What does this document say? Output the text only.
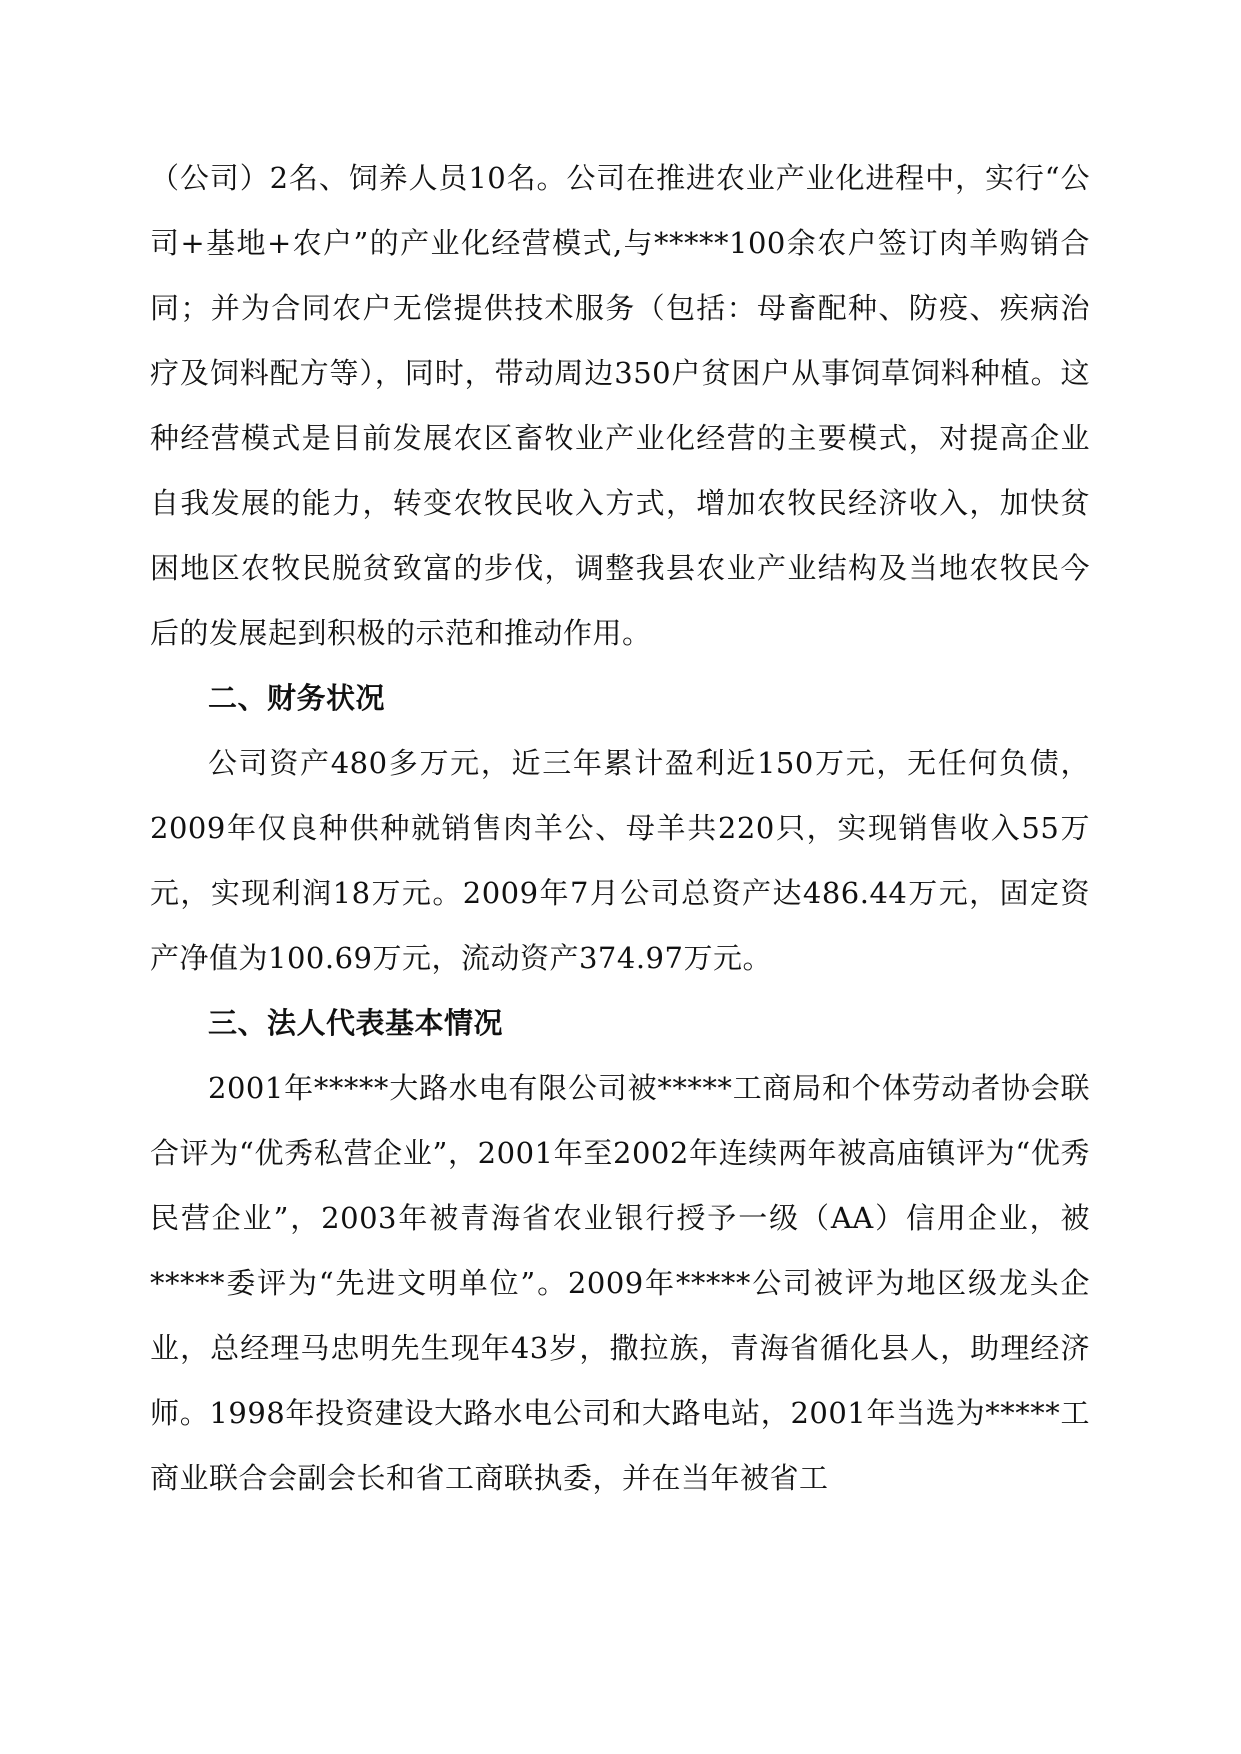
（公司）2名、饲养人员10名。公司在推进农业产业化进程中，实行“公司+基地+农户”的产业化经营模式,与*****100余农户签订肉羊购销合同；并为合同农户无偿提供技术服务（包括：母畜配种、防疫、疾病治疗及饲料配方等），同时，带动周边350户贫困户从事饲草饲料种植。这种经营模式是目前发展农区畜牧业产业化经营的主要模式，对提高企业自我发展的能力，转变农牧民收入方式，增加农牧民经济收入，加快贫困地区农牧民脱贫致富的步伐，调整我县农业产业结构及当地农牧民今后的发展起到积极的示范和推动作用。

二、财务状况

公司资产480多万元，近三年累计盈利近150万元，无任何负债，2009年仅良种供种就销售肉羊公、母羊共220只，实现销售收入55万元，实现利润18万元。2009年7月公司总资产达486.44万元，固定资产净值为100.69万元，流动资产374.97万元。

三、法人代表基本情况

2001年*****大路水电有限公司被*****工商局和个体劳动者协会联合评为“优秀私营企业”，2001年至2002年连续两年被高庙镇评为“优秀民营企业”，2003年被青海省农业银行授予一级（AA）信用企业，被*****委评为“先进文明单位”。2009年*****公司被评为地区级龙头企业，总经理马忠明先生现年43岁，撒拉族，青海省循化县人，助理经济师。1998年投资建设大路水电公司和大路电站，2001年当选为*****工商业联合会副会长和省工商联执委，并在当年被省工
